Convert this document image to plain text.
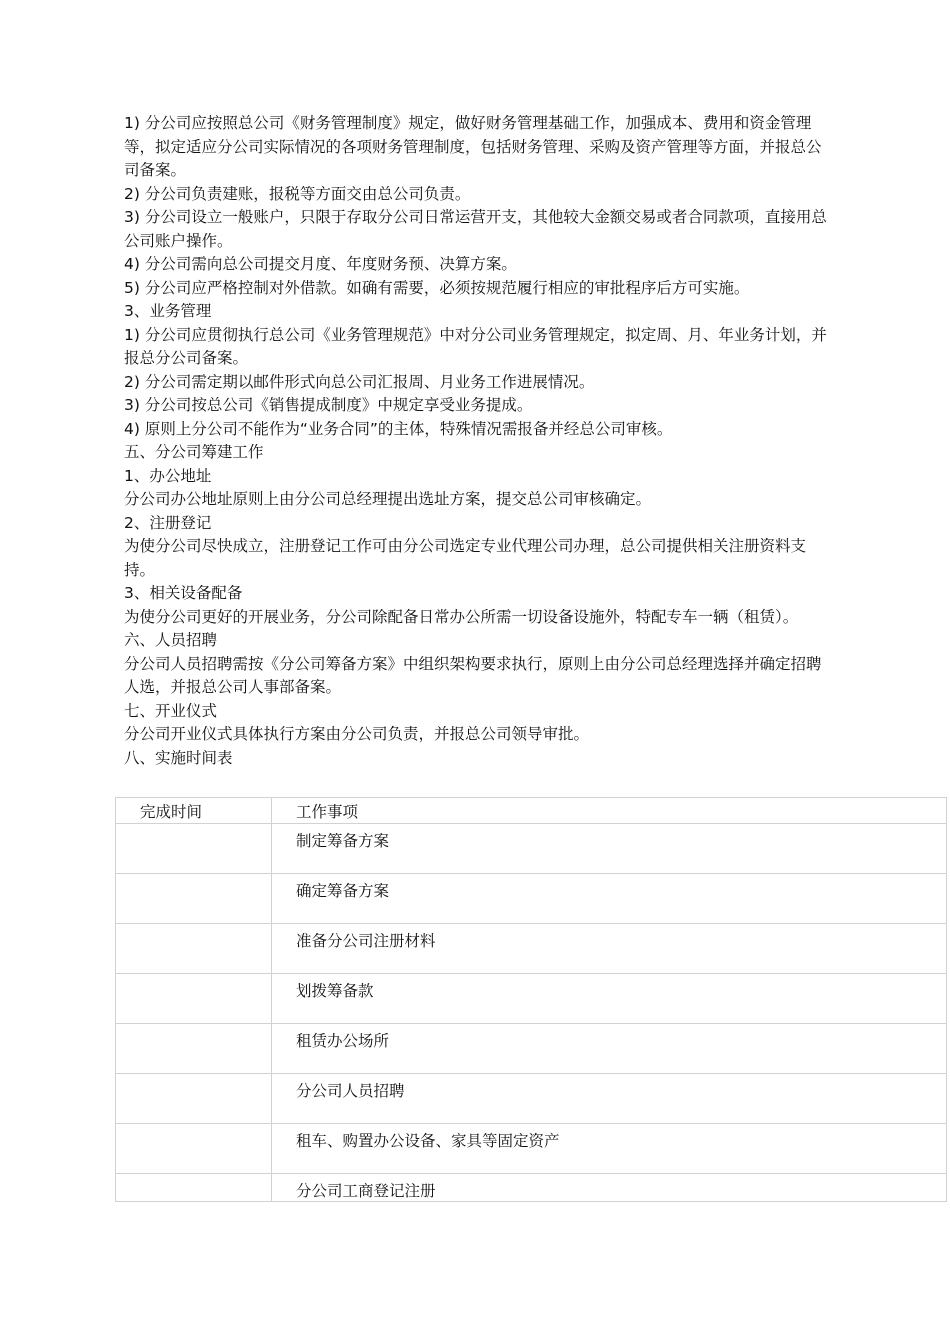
1) 分公司应按照总公司《财务管理制度》规定，做好财务管理基础工作，加强成本、费用和资金管理等，拟定适应分公司实际情况的各项财务管理制度，包括财务管理、采购及资产管理等方面，并报总公司备案。

2) 分公司负责建账，报税等方面交由总公司负责。

3) 分公司设立一般账户，只限于存取分公司日常运营开支，其他较大金额交易或者合同款项，直接用总公司账户操作。

4) 分公司需向总公司提交月度、年度财务预、决算方案。

5) 分公司应严格控制对外借款。如确有需要，必须按规范履行相应的审批程序后方可实施。

3、业务管理

1) 分公司应贯彻执行总公司《业务管理规范》中对分公司业务管理规定，拟定周、月、年业务计划，并报总分公司备案。

2) 分公司需定期以邮件形式向总公司汇报周、月业务工作进展情况。

3) 分公司按总公司《销售提成制度》中规定享受业务提成。

4) 原则上分公司不能作为“业务合同”的主体，特殊情况需报备并经总公司审核。

五、分公司筹建工作

1、办公地址

分公司办公地址原则上由分公司总经理提出选址方案，提交总公司审核确定。

2、注册登记

为使分公司尽快成立，注册登记工作可由分公司选定专业代理公司办理，总公司提供相关注册资料支持。

3、相关设备配备

为使分公司更好的开展业务，分公司除配备日常办公所需一切设备设施外，特配专车一辆（租赁）。

六、人员招聘

分公司人员招聘需按《分公司筹备方案》中组织架构要求执行，原则上由分公司总经理选择并确定招聘人选，并报总公司人事部备案。

七、开业仪式

分公司开业仪式具体执行方案由分公司负责，并报总公司领导审批。

八、实施时间表

完成时间	工作事项

	制定筹备方案

	确定筹备方案

	准备分公司注册材料

	划拨筹备款

	租赁办公场所

	分公司人员招聘

	租车、购置办公设备、家具等固定资产

	分公司工商登记注册
